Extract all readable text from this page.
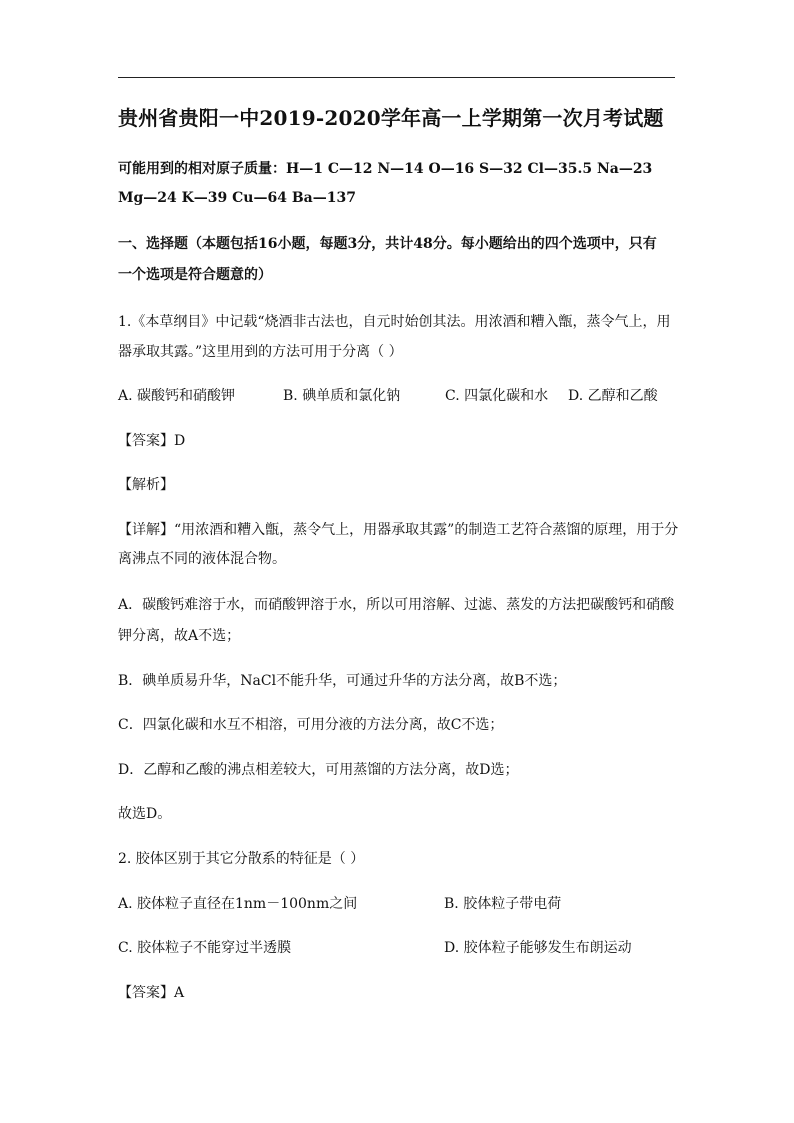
贵州省贵阳一中2019-2020学年高一上学期第一次月考试题
可能用到的相对原子质量：H—1 C—12 N—14 O—16 S—32 Cl—35.5 Na—23
Mg—24 K—39 Cu—64 Ba—137
一、选择题（本题包括16小题，每题3分，共计48分。每小题给出的四个选项中，只有
一个选项是符合题意的）
1.《本草纲目》中记载“烧酒非古法也，自元时始创其法。用浓酒和糟入甑，蒸令气上，用
器承取其露。”这里用到的方法可用于分离（ ）
A. 碳酸钙和硝酸钾	B. 碘单质和氯化钠	C. 四氯化碳和水 D. 乙醇和乙酸
【答案】D
【解析】
【详解】“用浓酒和糟入甑，蒸令气上，用器承取其露”的制造工艺符合蒸馏的原理，用于分
离沸点不同的液体混合物。
A．碳酸钙难溶于水，而硝酸钾溶于水，所以可用溶解、过滤、蒸发的方法把碳酸钙和硝酸
钾分离，故A不选；
B．碘单质易升华，NaCl不能升华，可通过升华的方法分离，故B不选；
C．四氯化碳和水互不相溶，可用分液的方法分离，故C不选；
D．乙醇和乙酸的沸点相差较大，可用蒸馏的方法分离，故D选；
故选D。
2. 胶体区别于其它分散系的特征是（ ）
A. 胶体粒子直径在1nm－100nm之间	B. 胶体粒子带电荷
C. 胶体粒子不能穿过半透膜	D. 胶体粒子能够发生布朗运动
【答案】A
